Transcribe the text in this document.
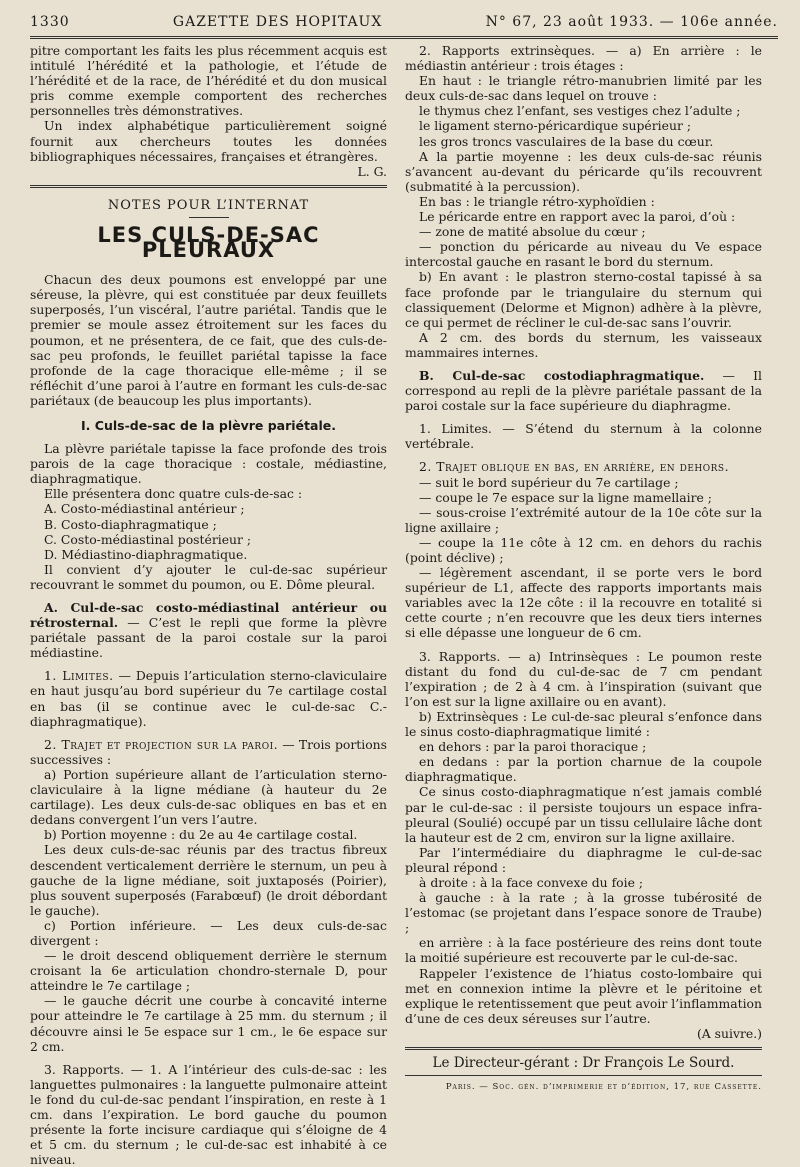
1330	GAZETTE DES HOPITAUX	N° 67, 23 août 1933. — 106e année.

pitre comportant les faits les plus récemment acquis est intitulé l’hérédité et la pathologie, et l’étude de l’hérédité et de la race, de l’hérédité et du don musical pris comme exemple comportent des recherches personnelles très démonstratives.

Un index alphabétique particulièrement soigné fournit aux chercheurs toutes les données bibliographiques nécessaires, françaises et étrangères.

L. G.
NOTES POUR L’INTERNAT
LES CULS-DE-SAC PLEURAUX

Chacun des deux poumons est enveloppé par une séreuse, la plèvre, qui est constituée par deux feuillets superposés, l’un viscéral, l’autre pariétal. Tandis que le premier se moule assez étroitement sur les faces du poumon, et ne présentera, de ce fait, que des culs-de-sac peu profonds, le feuillet pariétal tapisse la face profonde de la cage thoracique elle-même ; il se réfléchit d’une paroi à l’autre en formant les culs-de-sac pariétaux (de beaucoup les plus importants).

I. Culs-de-sac de la plèvre pariétale.

La plèvre pariétale tapisse la face profonde des trois parois de la cage thoracique : costale, médiastine, diaphragmatique.

Elle présentera donc quatre culs-de-sac :

A. Costo-médiastinal antérieur ;

B. Costo-diaphragmatique ;

C. Costo-médiastinal postérieur ;

D. Médiastino-diaphragmatique.

Il convient d’y ajouter le cul-de-sac supérieur recouvrant le sommet du poumon, ou E. Dôme pleural.

A. Cul-de-sac costo-médiastinal antérieur ou rétrosternal. — C’est le repli que forme la plèvre pariétale passant de la paroi costale sur la paroi médiastine.

1. Limites. — Depuis l’articulation sterno-claviculaire en haut jusqu’au bord supérieur du 7e cartilage costal en bas (il se continue avec le cul-de-sac C.-diaphragmatique).

2. Trajet et projection sur la paroi. — Trois portions successives :

a) Portion supérieure allant de l’articulation sterno-claviculaire à la ligne médiane (à hauteur du 2e cartilage). Les deux culs-de-sac obliques en bas et en dedans convergent l’un vers l’autre.

b) Portion moyenne : du 2e au 4e cartilage costal.

Les deux culs-de-sac réunis par des tractus fibreux descendent verticalement derrière le sternum, un peu à gauche de la ligne médiane, soit juxtaposés (Poirier), plus souvent superposés (Farabœuf) (le droit débordant le gauche).

c) Portion inférieure. — Les deux culs-de-sac divergent :

— le droit descend obliquement derrière le sternum croisant la 6e articulation chondro-sternale D, pour atteindre le 7e cartilage ;

— le gauche décrit une courbe à concavité interne pour atteindre le 7e cartilage à 25 mm. du sternum ; il découvre ainsi le 5e espace sur 1 cm., le 6e espace sur 2 cm.

3. Rapports. — 1. A l’intérieur des culs-de-sac : les languettes pulmonaires : la languette pulmonaire atteint le fond du cul-de-sac pendant l’inspiration, en reste à 1 cm. dans l’expiration. Le bord gauche du poumon présente la forte incisure cardiaque qui s’éloigne de 4 et 5 cm. du sternum ; le cul-de-sac est inhabité à ce niveau.

2. Rapports extrinsèques. — a) En arrière : le médiastin antérieur : trois étages :

En haut : le triangle rétro-manubrien limité par les deux culs-de-sac dans lequel on trouve :

le thymus chez l’enfant, ses vestiges chez l’adulte ;

le ligament sterno-péricardique supérieur ;

les gros troncs vasculaires de la base du cœur.

A la partie moyenne : les deux culs-de-sac réunis s’avancent au-devant du péricarde qu’ils recouvrent (submatité à la percussion).

En bas : le triangle rétro-xyphoïdien :

Le péricarde entre en rapport avec la paroi, d’où :

— zone de matité absolue du cœur ;

— ponction du péricarde au niveau du Ve espace intercostal gauche en rasant le bord du sternum.

b) En avant : le plastron sterno-costal tapissé à sa face profonde par le triangulaire du sternum qui classiquement (Delorme et Mignon) adhère à la plèvre, ce qui permet de récliner le cul-de-sac sans l’ouvrir.

A 2 cm. des bords du sternum, les vaisseaux mammaires internes.

B. Cul-de-sac costodiaphragmatique. — Il correspond au repli de la plèvre pariétale passant de la paroi costale sur la face supérieure du diaphragme.

1. Limites. — S’étend du sternum à la colonne vertébrale.

2. Trajet oblique en bas, en arrière, en dehors.

— suit le bord supérieur du 7e cartilage ;

— coupe le 7e espace sur la ligne mamellaire ;

— sous-croise l’extrémité autour de la 10e côte sur la ligne axillaire ;

— coupe la 11e côte à 12 cm. en dehors du rachis (point déclive) ;

— légèrement ascendant, il se porte vers le bord supérieur de L1, affecte des rapports importants mais variables avec la 12e côte : il la recouvre en totalité si cette courte ; n’en recouvre que les deux tiers internes si elle dépasse une longueur de 6 cm.

3. Rapports. — a) Intrinsèques : Le poumon reste distant du fond du cul-de-sac de 7 cm pendant l’expiration ; de 2 à 4 cm. à l’inspiration (suivant que l’on est sur la ligne axillaire ou en avant).

b) Extrinsèques : Le cul-de-sac pleural s’enfonce dans le sinus costo-diaphragmatique limité :

en dehors : par la paroi thoracique ;

en dedans : par la portion charnue de la coupole diaphragmatique.

Ce sinus costo-diaphragmatique n’est jamais comblé par le cul-de-sac : il persiste toujours un espace infra-pleural (Soulié) occupé par un tissu cellulaire lâche dont la hauteur est de 2 cm, environ sur la ligne axillaire.

Par l’intermédiaire du diaphragme le cul-de-sac pleural répond :

à droite : à la face convexe du foie ;

à gauche : à la rate ; à la grosse tubérosité de l’estomac (se projetant dans l’espace sonore de Traube) ;

en arrière : à la face postérieure des reins dont toute la moitié supérieure est recouverte par le cul-de-sac.

Rappeler l’existence de l’hiatus costo-lombaire qui met en connexion intime la plèvre et le péritoine et explique le retentissement que peut avoir l’inflammation d’une de ces deux séreuses sur l’autre.

(A suivre.)
Le Directeur-gérant : Dr François Le Sourd.
Paris. — Soc. gén. d’imprimerie et d’édition, 17, rue Cassette.
